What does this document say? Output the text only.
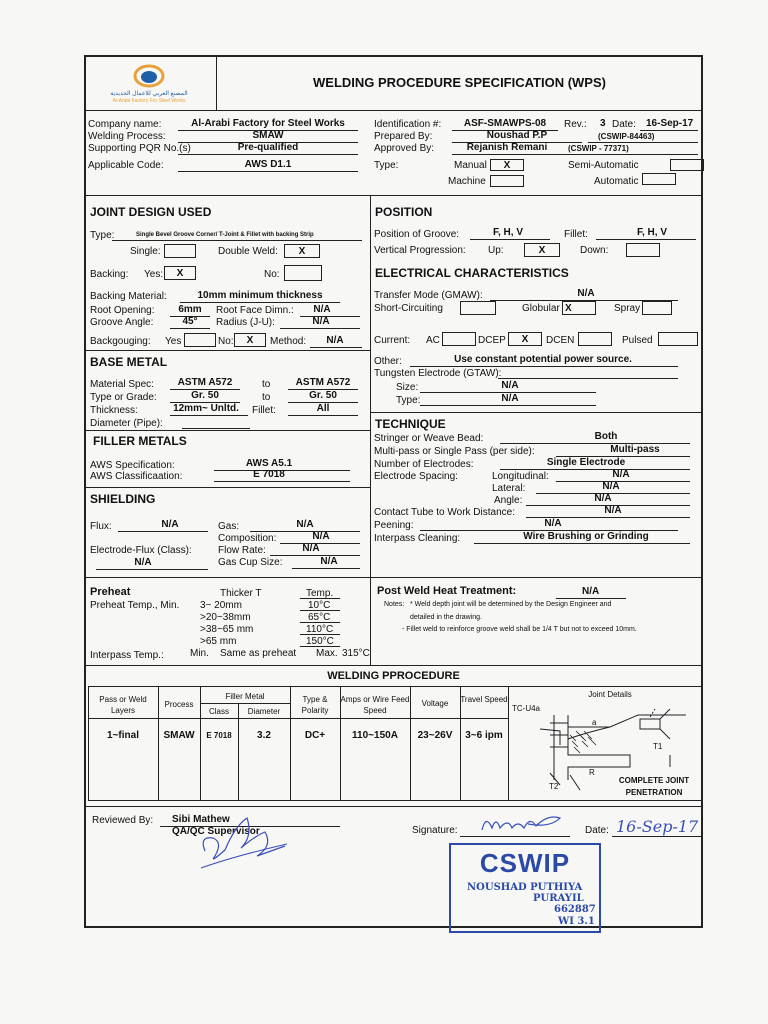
المصنع العربي للاعمال الحديدية
Al-Arabi Factory For Steel Works
WELDING PROCEDURE SPECIFICATION (WPS)
Company name:	Al-Arabi Factory for Steel Works
Welding Process:	SMAW
Supporting PQR No.(s)	Pre-qualified
Applicable Code:	AWS D1.1
Identification #:	ASF-SMAWPS-08	Rev.: 3 Date: 16-Sep-17
Prepared By:	Noushad P.P	(CSWIP-84463)
Approved By:	Rejanish Remani	(CSWIP - 77371)
Type:	Manual	X	Semi-Automatic
Machine	Automatic
JOINT DESIGN USED
Type:	Single Bevel Groove Corner/ T-Joint & Fillet with backing Strip
Single:	Double Weld:	X
Backing: Yes:	X	No:
Backing Material:	10mm minimum thickness
Root Opening:	6mm	Root Face Dimn.:	N/A
Groove Angle:	45°	Radius (J-U):	N/A
Backgouging: Yes	No:	X	Method:	N/A
BASE METAL
Material Spec:	ASTM A572	to	ASTM A572
Type or Grade:	Gr. 50	to	Gr. 50
Thickness:	12mm~ Unltd.	Fillet:	All
Diameter (Pipe):
FILLER METALS
AWS Specification:	AWS A5.1
AWS Classificaation:	E 7018
SHIELDING
Flux:	N/A	Gas:	N/A
Composition:	N/A
Electrode-Flux (Class):	Flow Rate:	N/A
N/A	Gas Cup Size:	N/A
POSITION
Position of Groove:	F, H, V	Fillet:	F, H, V
Vertical Progression: Up:	X	Down:
ELECTRICAL CHARACTERISTICS
Transfer Mode (GMAW):	N/A
Short-Circuiting	Globular X	Spray
Current: AC	DCEP	X	DCEN	Pulsed
Other:	Use constant potential power source.
Tungsten Electrode (GTAW):
Size:	N/A
Type:	N/A
TECHNIQUE
Stringer or Weave Bead:	Both
Multi-pass or Single Pass (per side):	Multi-pass
Number of Electrodes:	Single Electrode
Electrode Spacing:	Longitudinal:	N/A
Lateral:	N/A
Angle:	N/A
Contact Tube to Work Distance:	N/A
Peening:	N/A
Interpass Cleaning:	Wire Brushing or Grinding
Preheat	Thicker T	Temp.
Preheat Temp., Min. 3~ 20mm	10°C
>20~38mm	65°C
>38~65 mm	110°C
>65 mm	150°C
Interpass Temp.:	Min. Same as preheat Max. 315°C
Post Weld Heat Treatment:	N/A
Notes: * Weld depth joint will be determined by the Design Engineer and
detailed in the drawing.
- Fillet weld to reinforce groove weld shall be 1/4 T but not to exceed 10mm.
WELDING PPROCEDURE
Pass or Weld Layers
Process
Filler Metal
Class	Diameter
Type & Polarity
Amps or Wire Feed Speed
Voltage	Travel Speed
Joint Details
1~final	SMAW	E 7018	3.2	DC+	110~150A	23~26V	3~6 ipm
TC-U4a
a
T1
R
T2
COMPLETE JOINT
PENETRATION
Reviewed By: Sibi Mathew
QA/QC Supervisor	Signature:	Date: 16-Sep-17
CSWIP
NOUSHAD PUTHIYA
PURAYIL
662887
WI 3.1
